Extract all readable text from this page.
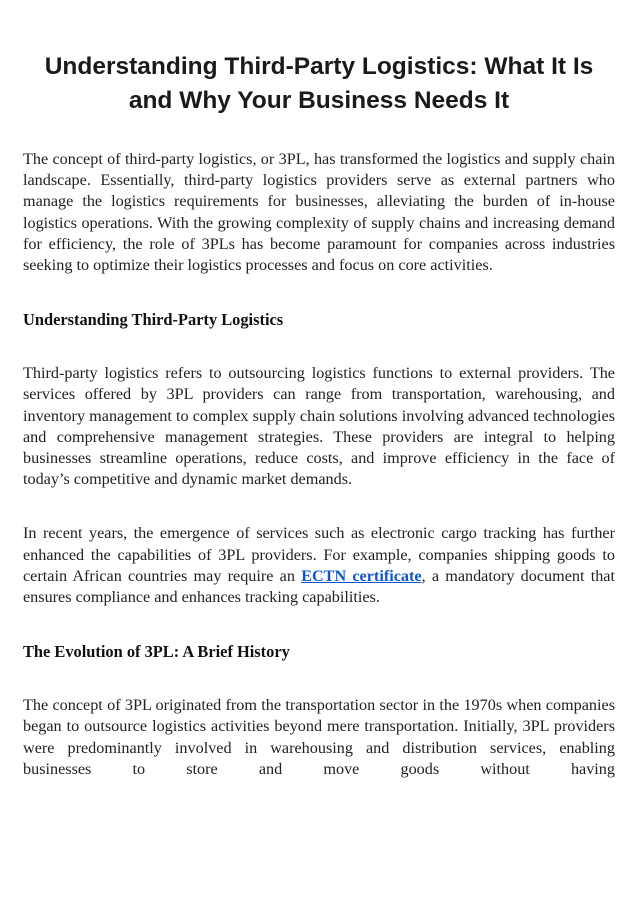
Understanding Third-Party Logistics: What It Is and Why Your Business Needs It

The concept of third-party logistics, or 3PL, has transformed the logistics and supply chain landscape. Essentially, third-party logistics providers serve as external partners who manage the logistics requirements for businesses, alleviating the burden of in-house logistics operations. With the growing complexity of supply chains and increasing demand for efficiency, the role of 3PLs has become paramount for companies across industries seeking to optimize their logistics processes and focus on core activities.

Understanding Third-Party Logistics

Third-party logistics refers to outsourcing logistics functions to external providers. The services offered by 3PL providers can range from transportation, warehousing, and inventory management to complex supply chain solutions involving advanced technologies and comprehensive management strategies. These providers are integral to helping businesses streamline operations, reduce costs, and improve efficiency in the face of today’s competitive and dynamic market demands.

In recent years, the emergence of services such as electronic cargo tracking has further enhanced the capabilities of 3PL providers. For example, companies shipping goods to certain African countries may require an ECTN certificate, a mandatory document that ensures compliance and enhances tracking capabilities.

The Evolution of 3PL: A Brief History

The concept of 3PL originated from the transportation sector in the 1970s when companies began to outsource logistics activities beyond mere transportation. Initially, 3PL providers were predominantly involved in warehousing and distribution services, enabling businesses to store and move goods without having
